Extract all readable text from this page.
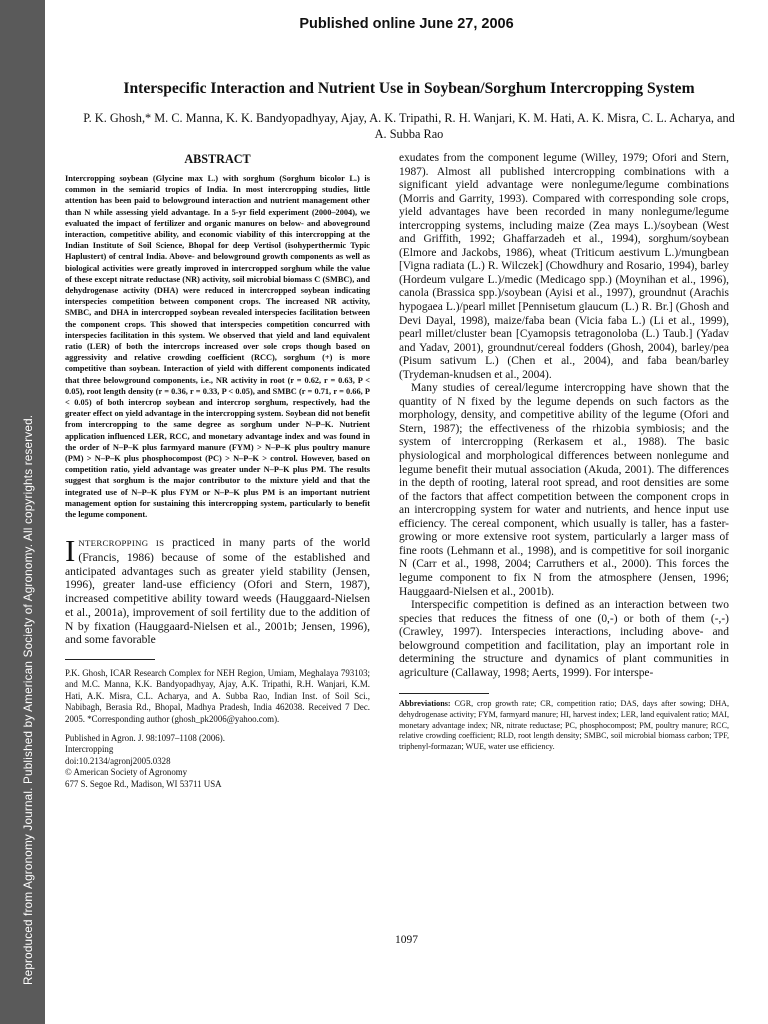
Reproduced from Agronomy Journal. Published by American Society of Agronomy. All copyrights reserved.
Published online June 27, 2006
Interspecific Interaction and Nutrient Use in Soybean/Sorghum Intercropping System
P. K. Ghosh,* M. C. Manna, K. K. Bandyopadhyay, Ajay, A. K. Tripathi, R. H. Wanjari, K. M. Hati, A. K. Misra, C. L. Acharya, and A. Subba Rao
ABSTRACT

Intercropping soybean (Glycine max L.) with sorghum (Sorghum bicolor L.) is common in the semiarid tropics of India. In most intercropping studies, little attention has been paid to belowground interaction and nutrient management other than N while assessing yield advantage. In a 5-yr field experiment (2000–2004), we evaluated the impact of fertilizer and organic manures on below- and aboveground interaction, competitive ability, and economic viability of this intercropping at the Indian Institute of Soil Science, Bhopal for deep Vertisol (isohyperthermic Typic Haplustert) of central India. Above- and belowground growth components as well as biological activities were greatly improved in intercropped sorghum while the value of these except nitrate reductase (NR) activity, soil microbial biomass C (SMBC), and dehydrogenase activity (DHA) were reduced in intercropped soybean indicating interspecies competition between component crops. The increased NR activity, SMBC, and DHA in intercropped soybean revealed interspecies facilitation between the component crops. This showed that interspecies competition concurred with interspecies facilitation in this system. We observed that yield and land equivalent ratio (LER) of both the intercrops increased over sole crops though based on aggressivity and relative crowding coefficient (RCC), sorghum (+) is more competitive than soybean. Interaction of yield with different components indicated that three belowground components, i.e., NR activity in root (r = 0.62, r = 0.63, P < 0.05), root length density (r = 0.36, r = 0.33, P < 0.05), and SMBC (r = 0.71, r = 0.66, P < 0.05) of both intercrop soybean and intercrop sorghum, respectively, had the greater effect on yield advantage in the intercropping system. Soybean did not benefit from intercropping to the same degree as sorghum under N–P–K. Nutrient application influenced LER, RCC, and monetary advantage index and was found in the order of N–P–K plus farmyard manure (FYM) > N–P–K plus poultry manure (PM) > N–P–K plus phosphocompost (PC) > N–P–K > control. However, based on competition ratio, yield advantage was greater under N–P–K plus PM. The results suggest that sorghum is the major contributor to the mixture yield and that the integrated use of N–P–K plus FYM or N–P–K plus PM is an important nutrient management option for sustaining this intercropping system, particularly to benefit the legume component.

INTERCROPPING IS practiced in many parts of the world (Francis, 1986) because of some of the established and anticipated advantages such as greater yield stability (Jensen, 1996), greater land-use efficiency (Ofori and Stern, 1987), increased competitive ability toward weeds (Hauggaard-Nielsen et al., 2001a), improvement of soil fertility due to the addition of N by fixation (Hauggaard-Nielsen et al., 2001b; Jensen, 1996), and some favorable

P.K. Ghosh, ICAR Research Complex for NEH Region, Umiam, Meghalaya 793103; and M.C. Manna, K.K. Bandyopadhyay, Ajay, A.K. Tripathi, R.H. Wanjari, K.M. Hati, A.K. Misra, C.L. Acharya, and A. Subba Rao, Indian Inst. of Soil Sci., Nabibagh, Berasia Rd., Bhopal, Madhya Pradesh, India 462038. Received 7 Dec. 2005. *Corresponding author (ghosh_pk2006@yahoo.com).

Published in Agron. J. 98:1097–1108 (2006).
Intercropping
doi:10.2134/agronj2005.0328
© American Society of Agronomy
677 S. Segoe Rd., Madison, WI 53711 USA

exudates from the component legume (Willey, 1979; Ofori and Stern, 1987). Almost all published intercropping combinations with a significant yield advantage were nonlegume/legume combinations (Morris and Garrity, 1993). Compared with corresponding sole crops, yield advantages have been recorded in many nonlegume/legume intercropping systems, including maize (Zea mays L.)/soybean (West and Griffith, 1992; Ghaffarzadeh et al., 1994), sorghum/soybean (Elmore and Jackobs, 1986), wheat (Triticum aestivum L.)/mungbean [Vigna radiata (L.) R. Wilczek] (Chowdhury and Rosario, 1994), barley (Hordeum vulgare L.)/medic (Medicago spp.) (Moynihan et al., 1996), canola (Brassica spp.)/soybean (Ayisi et al., 1997), groundnut (Arachis hypogaea L.)/pearl millet [Pennisetum glaucum (L.) R. Br.] (Ghosh and Devi Dayal, 1998), maize/faba bean (Vicia faba L.) (Li et al., 1999), pearl millet/cluster bean [Cyamopsis tetragonoloba (L.) Taub.] (Yadav and Yadav, 2001), groundnut/cereal fodders (Ghosh, 2004), barley/pea (Pisum sativum L.) (Chen et al., 2004), and faba bean/barley (Trydeman-knudsen et al., 2004).

Many studies of cereal/legume intercropping have shown that the quantity of N fixed by the legume depends on such factors as the morphology, density, and competitive ability of the legume (Ofori and Stern, 1987); the effectiveness of the rhizobia symbiosis; and the system of intercropping (Rerkasem et al., 1988). The basic physiological and morphological differences between nonlegume and legume benefit their mutual association (Akuda, 2001). The differences in the depth of rooting, lateral root spread, and root densities are some of the factors that affect competition between the component crops in an intercropping system for water and nutrients, and hence input use efficiency. The cereal component, which usually is taller, has a faster-growing or more extensive root system, particularly a larger mass of fine roots (Lehmann et al., 1998), and is competitive for soil inorganic N (Carr et al., 1998, 2004; Carruthers et al., 2000). This forces the legume component to fix N from the atmosphere (Jensen, 1996; Hauggaard-Nielsen et al., 2001b).

Interspecific competition is defined as an interaction between two species that reduces the fitness of one (0,-) or both of them (-,-) (Crawley, 1997). Interspecies interactions, including above- and belowground competition and facilitation, play an important role in determining the structure and dynamics of plant communities in agriculture (Callaway, 1998; Aerts, 1999). For interspe-

Abbreviations: CGR, crop growth rate; CR, competition ratio; DAS, days after sowing; DHA, dehydrogenase activity; FYM, farmyard manure; HI, harvest index; LER, land equivalent ratio; MAI, monetary advantage index; NR, nitrate reductase; PC, phosphocompost; PM, poultry manure; RCC, relative crowding coefficient; RLD, root length density; SMBC, soil microbial biomass carbon; TPF, triphenyl-formazan; WUE, water use efficiency.

1097
